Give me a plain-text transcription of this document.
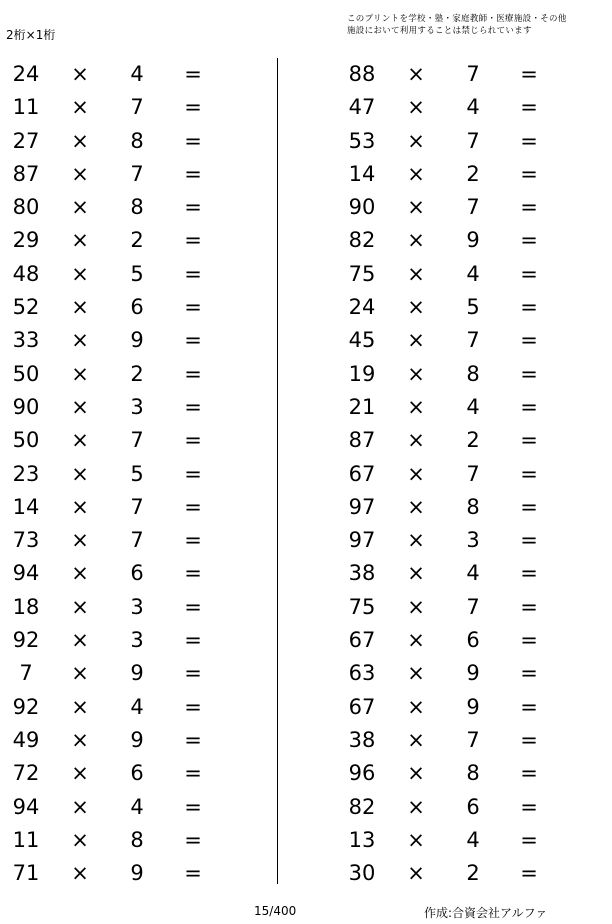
2桁×1桁
このプリントを学校・塾・家庭教師・医療施設・その他
施設において利用することは禁じられています
24 × 4 =
11 × 7 =
27 × 8 =
87 × 7 =
80 × 8 =
29 × 2 =
48 × 5 =
52 × 6 =
33 × 9 =
50 × 2 =
90 × 3 =
50 × 7 =
23 × 5 =
14 × 7 =
73 × 7 =
94 × 6 =
18 × 3 =
92 × 3 =
7	× 9 =
92 × 4 =
49 × 9 =
72 × 6 =
94 × 4 =
11 × 8 =
71 × 9 =
88 × 7 =
47 × 4 =
53 × 7 =
14 × 2 =
90 × 7 =
82 × 9 =
75 × 4 =
24 × 5 =
45 × 7 =
19 × 8 =
21 × 4 =
87 × 2 =
67 × 7 =
97 × 8 =
97 × 3 =
38 × 4 =
75 × 7 =
67 × 6 =
63 × 9 =
67 × 9 =
38 × 7 =
96 × 8 =
82 × 6 =
13 × 4 =
30 × 2 =
15/400	作成:合資会社アルファ
